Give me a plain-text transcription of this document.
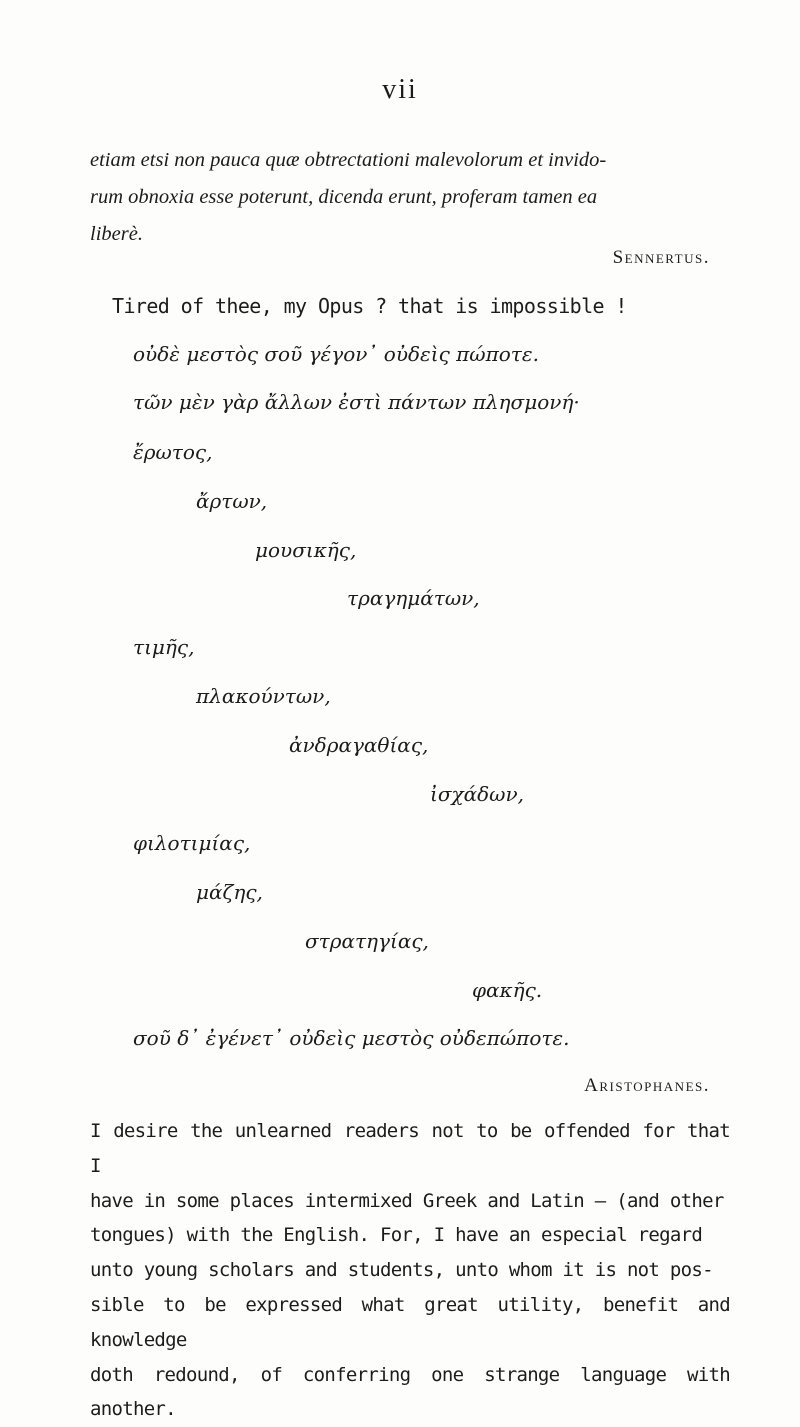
vii
etiam etsi non pauca quæ obtrectationi malevolorum et invido-
rum obnoxia esse poterunt, dicenda erunt, proferam tamen ea
liberè.
Sennertus.
Tired of thee, my Opus ? that is impossible !
οὐδὲ μεστὸς σοῦ γέγον᾽ οὐδεὶς πώποτε.
τῶν μὲν γὰρ ἄλλων ἐστὶ πάντων πλησμονή·
ἔρωτος,
ἄρτων,
μουσικῆς,
τραγημάτων,
τιμῆς,
πλακούντων,
ἀνδραγαθίας,
ἰσχάδων,
φιλοτιμίας,
μάζης,
στρατηγίας,
φακῆς.
σοῦ δ᾽ ἐγένετ᾽ οὐδεὶς μεστὸς οὐδεπώποτε.
Aristophanes.
I desire the unlearned readers not to be offended for that I
have in some places intermixed Greek and Latin — (and other
tongues) with the English. For, I have an especial regard
unto young scholars and students, unto whom it is not pos-
sible to be expressed what great utility, benefit and knowledge
doth redound, of conferring one strange language with another.
